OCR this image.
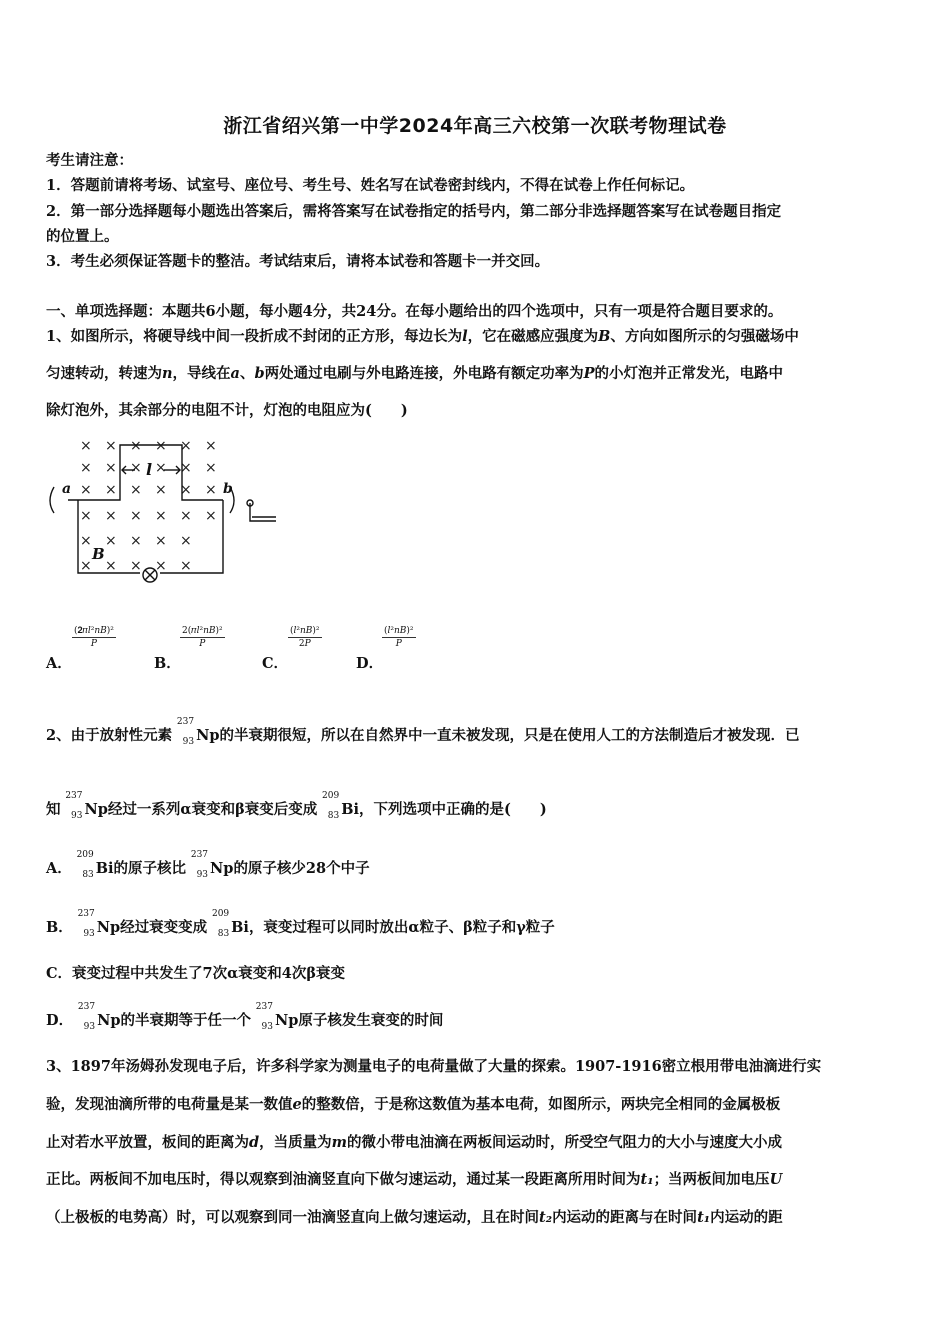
浙江省绍兴第一中学2024年高三六校第一次联考物理试卷
考生请注意：
1．答题前请将考场、试室号、座位号、考生号、姓名写在试卷密封线内，不得在试卷上作任何标记。
2．第一部分选择题每小题选出答案后，需将答案写在试卷指定的括号内，第二部分非选择题答案写在试卷题目指定
的位置上。
3．考生必须保证答题卡的整洁。考试结束后，请将本试卷和答题卡一并交回。
一、单项选择题：本题共6小题，每小题4分，共24分。在每小题给出的四个选项中，只有一项是符合题目要求的。
1、如图所示，将硬导线中间一段折成不封闭的正方形，每边长为l，它在磁感应强度为B、方向如图所示的匀强磁场中
匀速转动，转速为n，导线在a、b两处通过电刷与外电路连接，外电路有额定功率为P的小灯泡并正常发光，电路中
除灯泡外，其余部分的电阻不计，灯泡的电阻应为(　　)
× × × × × ×
× × × × × ×
× × × × × ×
× × × × × ×
× × × × ×
× × × × ×
a	b
l
B
A．
(𝟐𝜋𝑙²𝑛𝐵)²
𝑃
B．
2(𝜋𝑙²𝑛𝐵)²
𝑃
C．
(𝑙²𝑛𝐵)²
2𝑃
D．
(𝑙²𝑛𝐵)²
𝑃
2、由于放射性元素
237
93 Np的半衰期很短，所以在自然界中一直未被发现，只是在使用人工的方法制造后才被发现．已
知
237
93 Np经过一系列α衰变和β衰变后变成
209
83 Bi，下列选项中正确的是(　　)
A．
209
83 Bi的原子核比
237
93 Np的原子核少28个中子
B．
237
93 Np经过衰变变成
209
83 Bi，衰变过程可以同时放出α粒子、β粒子和γ粒子
C．衰变过程中共发生了7次α衰变和4次β衰变
D．
237
93 Np的半衰期等于任一个
237
93 Np原子核发生衰变的时间
3、1897年汤姆孙发现电子后，许多科学家为测量电子的电荷量做了大量的探索。1907-1916密立根用带电油滴进行实
验，发现油滴所带的电荷量是某一数值e的整数倍，于是称这数值为基本电荷，如图所示，两块完全相同的金属极板
止对若水平放置，板间的距离为d，当质量为m的微小带电油滴在两板间运动时，所受空气阻力的大小与速度大小成
正比。两板间不加电压时，得以观察到油滴竖直向下做匀速运动，通过某一段距离所用时间为t₁；当两板间加电压U
（上极板的电势高）时，可以观察到同一油滴竖直向上做匀速运动，且在时间t₂内运动的距离与在时间t₁内运动的距
